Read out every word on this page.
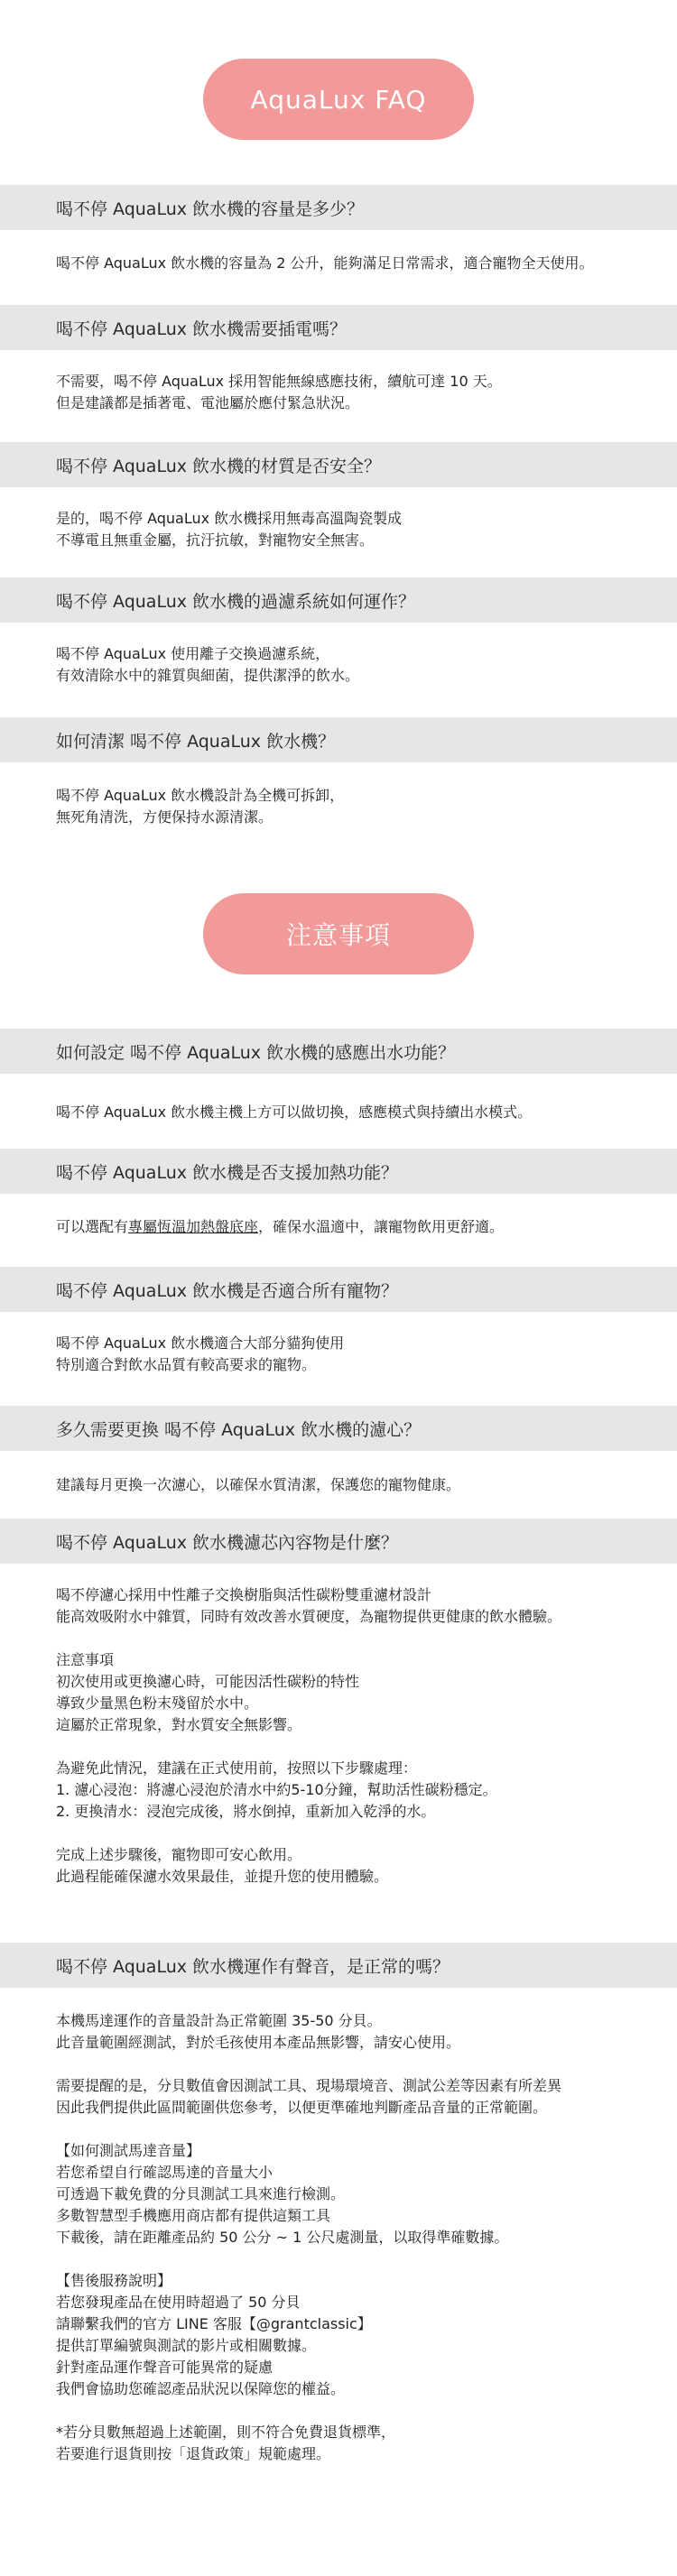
AquaLux FAQ
注意事項
喝不停 AquaLux 飲水機的容量是多少？

喝不停 AquaLux 飲水機的容量為 2 公升，能夠滿足日常需求，適合寵物全天使用。

喝不停 AquaLux 飲水機需要插電嗎？

不需要，喝不停 AquaLux 採用智能無線感應技術，續航可達 10 天。

但是建議都是插著電、電池屬於應付緊急狀況。

喝不停 AquaLux 飲水機的材質是否安全？

是的，喝不停 AquaLux 飲水機採用無毒高溫陶瓷製成

不導電且無重金屬，抗汙抗敏，對寵物安全無害。

喝不停 AquaLux 飲水機的過濾系統如何運作？

喝不停 AquaLux 使用離子交換過濾系統，

有效清除水中的雜質與細菌，提供潔淨的飲水。

如何清潔 喝不停 AquaLux 飲水機？

喝不停 AquaLux 飲水機設計為全機可拆卸，

無死角清洗，方便保持水源清潔。

如何設定 喝不停 AquaLux 飲水機的感應出水功能？

喝不停 AquaLux 飲水機主機上方可以做切換，感應模式與持續出水模式。

喝不停 AquaLux 飲水機是否支援加熱功能？

可以選配有專屬恆溫加熱盤底座，確保水溫適中，讓寵物飲用更舒適。

喝不停 AquaLux 飲水機是否適合所有寵物？

喝不停 AquaLux 飲水機適合大部分貓狗使用

特別適合對飲水品質有較高要求的寵物。

多久需要更換 喝不停 AquaLux 飲水機的濾心？

建議每月更換一次濾心，以確保水質清潔，保護您的寵物健康。

喝不停 AquaLux 飲水機濾芯內容物是什麼？

喝不停濾心採用中性離子交換樹脂與活性碳粉雙重濾材設計

能高效吸附水中雜質，同時有效改善水質硬度，為寵物提供更健康的飲水體驗。

注意事項

初次使用或更換濾心時，可能因活性碳粉的特性

導致少量黑色粉末殘留於水中。

這屬於正常現象，對水質安全無影響。

為避免此情況，建議在正式使用前，按照以下步驟處理：

1. 濾心浸泡：將濾心浸泡於清水中約5-10分鐘，幫助活性碳粉穩定。

2. 更換清水：浸泡完成後，將水倒掉，重新加入乾淨的水。

完成上述步驟後，寵物即可安心飲用。

此過程能確保濾水效果最佳，並提升您的使用體驗。

喝不停 AquaLux 飲水機運作有聲音，是正常的嗎？

本機馬達運作的音量設計為正常範圍 35-50 分貝。

此音量範圍經測試，對於毛孩使用本產品無影響，請安心使用。

需要提醒的是，分貝數值會因測試工具、現場環境音、測試公差等因素有所差異

因此我們提供此區間範圍供您參考，以便更準確地判斷產品音量的正常範圍。

【如何測試馬達音量】

若您希望自行確認馬達的音量大小

可透過下載免費的分貝測試工具來進行檢測。

多數智慧型手機應用商店都有提供這類工具

下載後，請在距離產品約 50 公分 ~ 1 公尺處測量，以取得準確數據。

【售後服務說明】

若您發現產品在使用時超過了 50 分貝

請聯繫我們的官方 LINE 客服【@grantclassic】

提供訂單編號與測試的影片或相關數據。

針對產品運作聲音可能異常的疑慮

我們會協助您確認產品狀況以保障您的權益。

*若分貝數無超過上述範圍，則不符合免費退貨標準，

若要進行退貨則按「退貨政策」規範處理。
